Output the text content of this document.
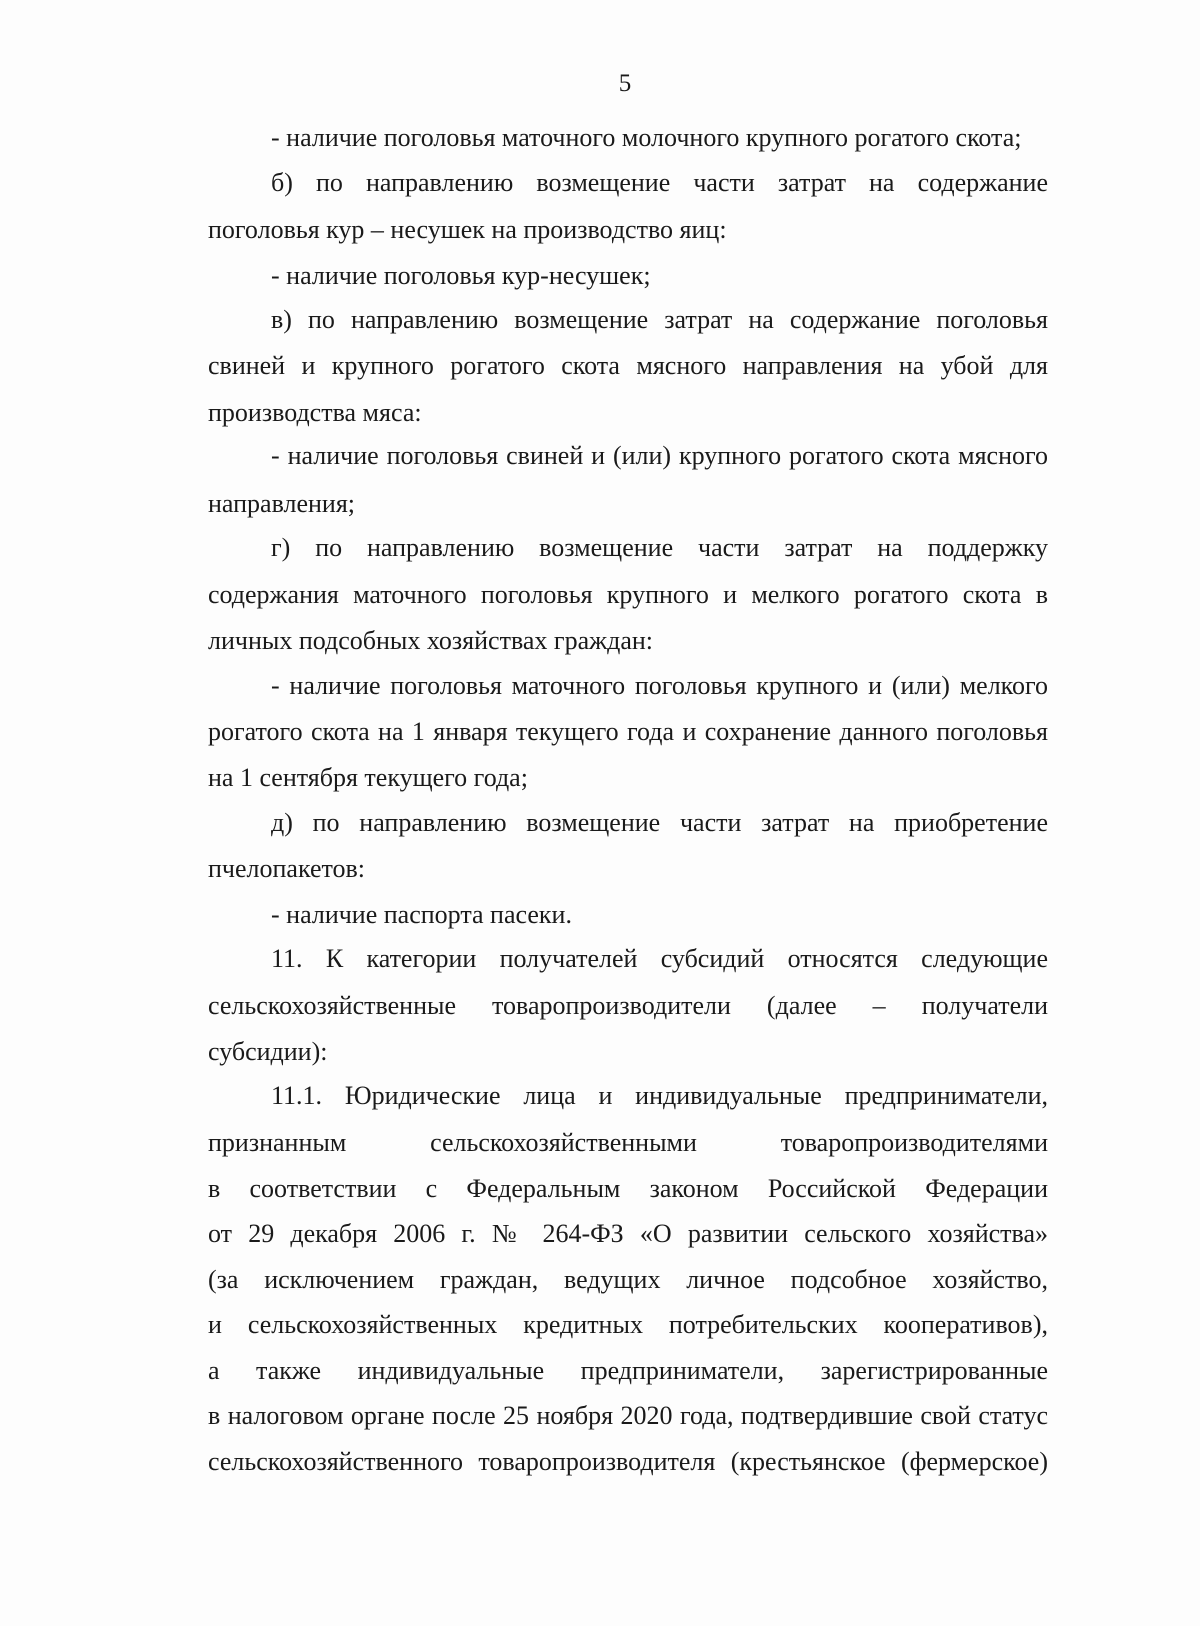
5
- наличие поголовья маточного молочного крупного рогатого скота;
б) по направлению возмещение части затрат на содержание
поголовья кур – несушек на производство яиц:
- наличие поголовья кур-несушек;
в) по направлению возмещение затрат на содержание поголовья
свиней и крупного рогатого скота мясного направления на убой для
производства мяса:
- наличие поголовья свиней и (или) крупного рогатого скота мясного
направления;
г) по направлению возмещение части затрат на поддержку
содержания маточного поголовья крупного и мелкого рогатого скота в
личных подсобных хозяйствах граждан:
- наличие поголовья маточного поголовья крупного и (или) мелкого
рогатого скота на 1 января текущего года и сохранение данного поголовья
на 1 сентября текущего года;
д) по направлению возмещение части затрат на приобретение
пчелопакетов:
- наличие паспорта пасеки.
11. К категории получателей субсидий относятся следующие
сельскохозяйственные товаропроизводители (далее – получатели
субсидии):
11.1. Юридические лица и индивидуальные предприниматели,
признанным сельскохозяйственными товаропроизводителями
в соответствии с Федеральным законом Российской Федерации
от 29 декабря 2006 г. № 264-ФЗ «О развитии сельского хозяйства»
(за исключением граждан, ведущих личное подсобное хозяйство,
и сельскохозяйственных кредитных потребительских кооперативов),
а также индивидуальные предприниматели, зарегистрированные
в налоговом органе после 25 ноября 2020 года, подтвердившие свой статус
сельскохозяйственного товаропроизводителя (крестьянское (фермерское)
